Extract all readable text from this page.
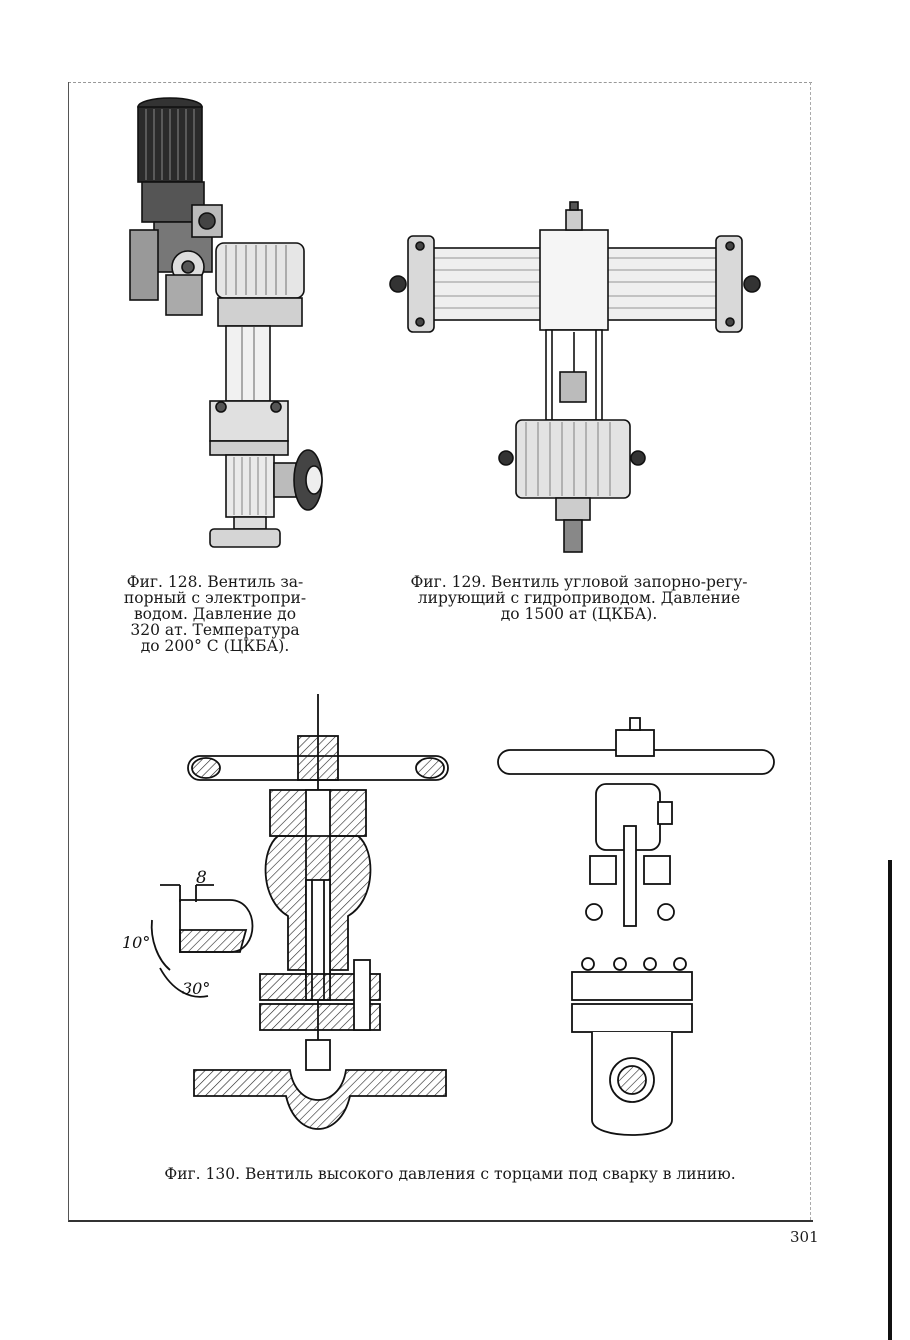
Фиг. 128. Вентиль за-
порный с электропри-
водом. Давление до
320 ат. Температура
до 200° С (ЦКБА).
Фиг. 129. Вентиль угловой запорно-регу-
лирующий с гидроприводом. Давление
до 1500 ат (ЦКБА).
8
10°
30°
Фиг. 130. Вентиль высокого давления с торцами под сварку в линию.
301
